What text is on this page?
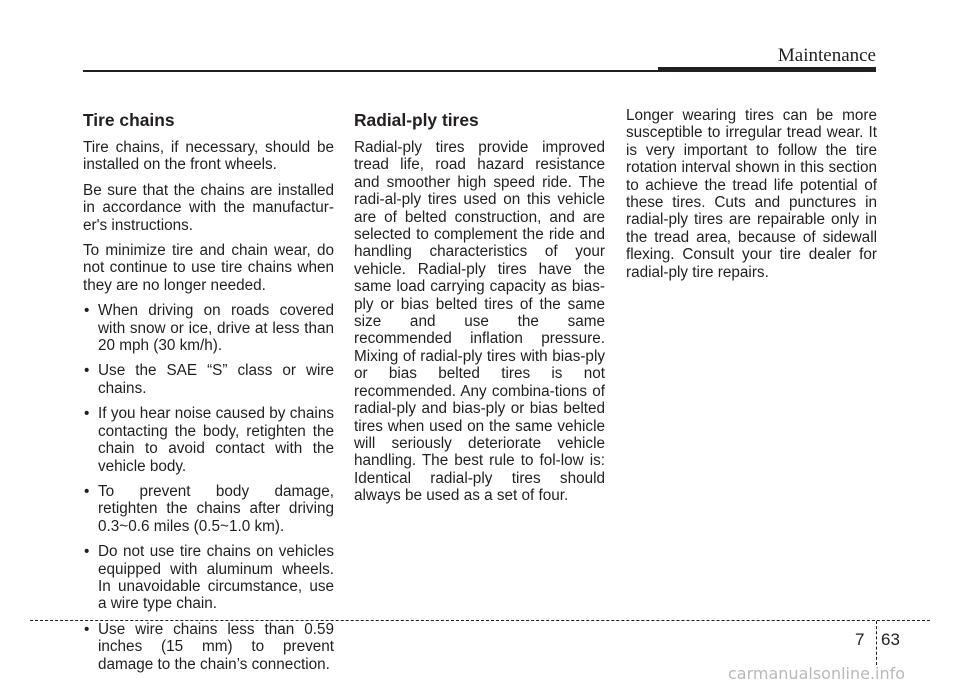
Maintenance
Tire chains

Tire chains, if necessary, should be installed on the front wheels.

Be sure that the chains are installed in accordance with the manufactur-er's instructions.

To minimize tire and chain wear, do not continue to use tire chains when they are no longer needed.

• When driving on roads covered with snow or ice, drive at less than 20 mph (30 km/h).
• Use the SAE “S” class or wire chains.
• If you hear noise caused by chains contacting the body, retighten the chain to avoid contact with the vehicle body.
• To prevent body damage, retighten the chains after driving 0.3~0.6 miles (0.5~1.0 km).
• Do not use tire chains on vehicles equipped with aluminum wheels. In unavoidable circumstance, use a wire type chain.
• Use wire chains less than 0.59 inches (15 mm) to prevent damage to the chain’s connection.
Radial-ply tires

Radial-ply tires provide improved tread life, road hazard resistance and smoother high speed ride. The radi-al-ply tires used on this vehicle are of belted construction, and are selected to complement the ride and handling characteristics of your vehicle. Radial-ply tires have the same load carrying capacity as bias-ply or bias belted tires of the same size and use the same recommended inflation pressure. Mixing of radial-ply tires with bias-ply or bias belted tires is not recommended. Any combina-tions of radial-ply and bias-ply or bias belted tires when used on the same vehicle will seriously deteriorate vehicle handling. The best rule to fol-low is: Identical radial-ply tires should always be used as a set of four.

Longer wearing tires can be more susceptible to irregular tread wear. It is very important to follow the tire rotation interval shown in this section to achieve the tread life potential of these tires. Cuts and punctures in radial-ply tires are repairable only in the tread area, because of sidewall flexing. Consult your tire dealer for radial-ply tire repairs.

7 63
carmanualsonline.info
